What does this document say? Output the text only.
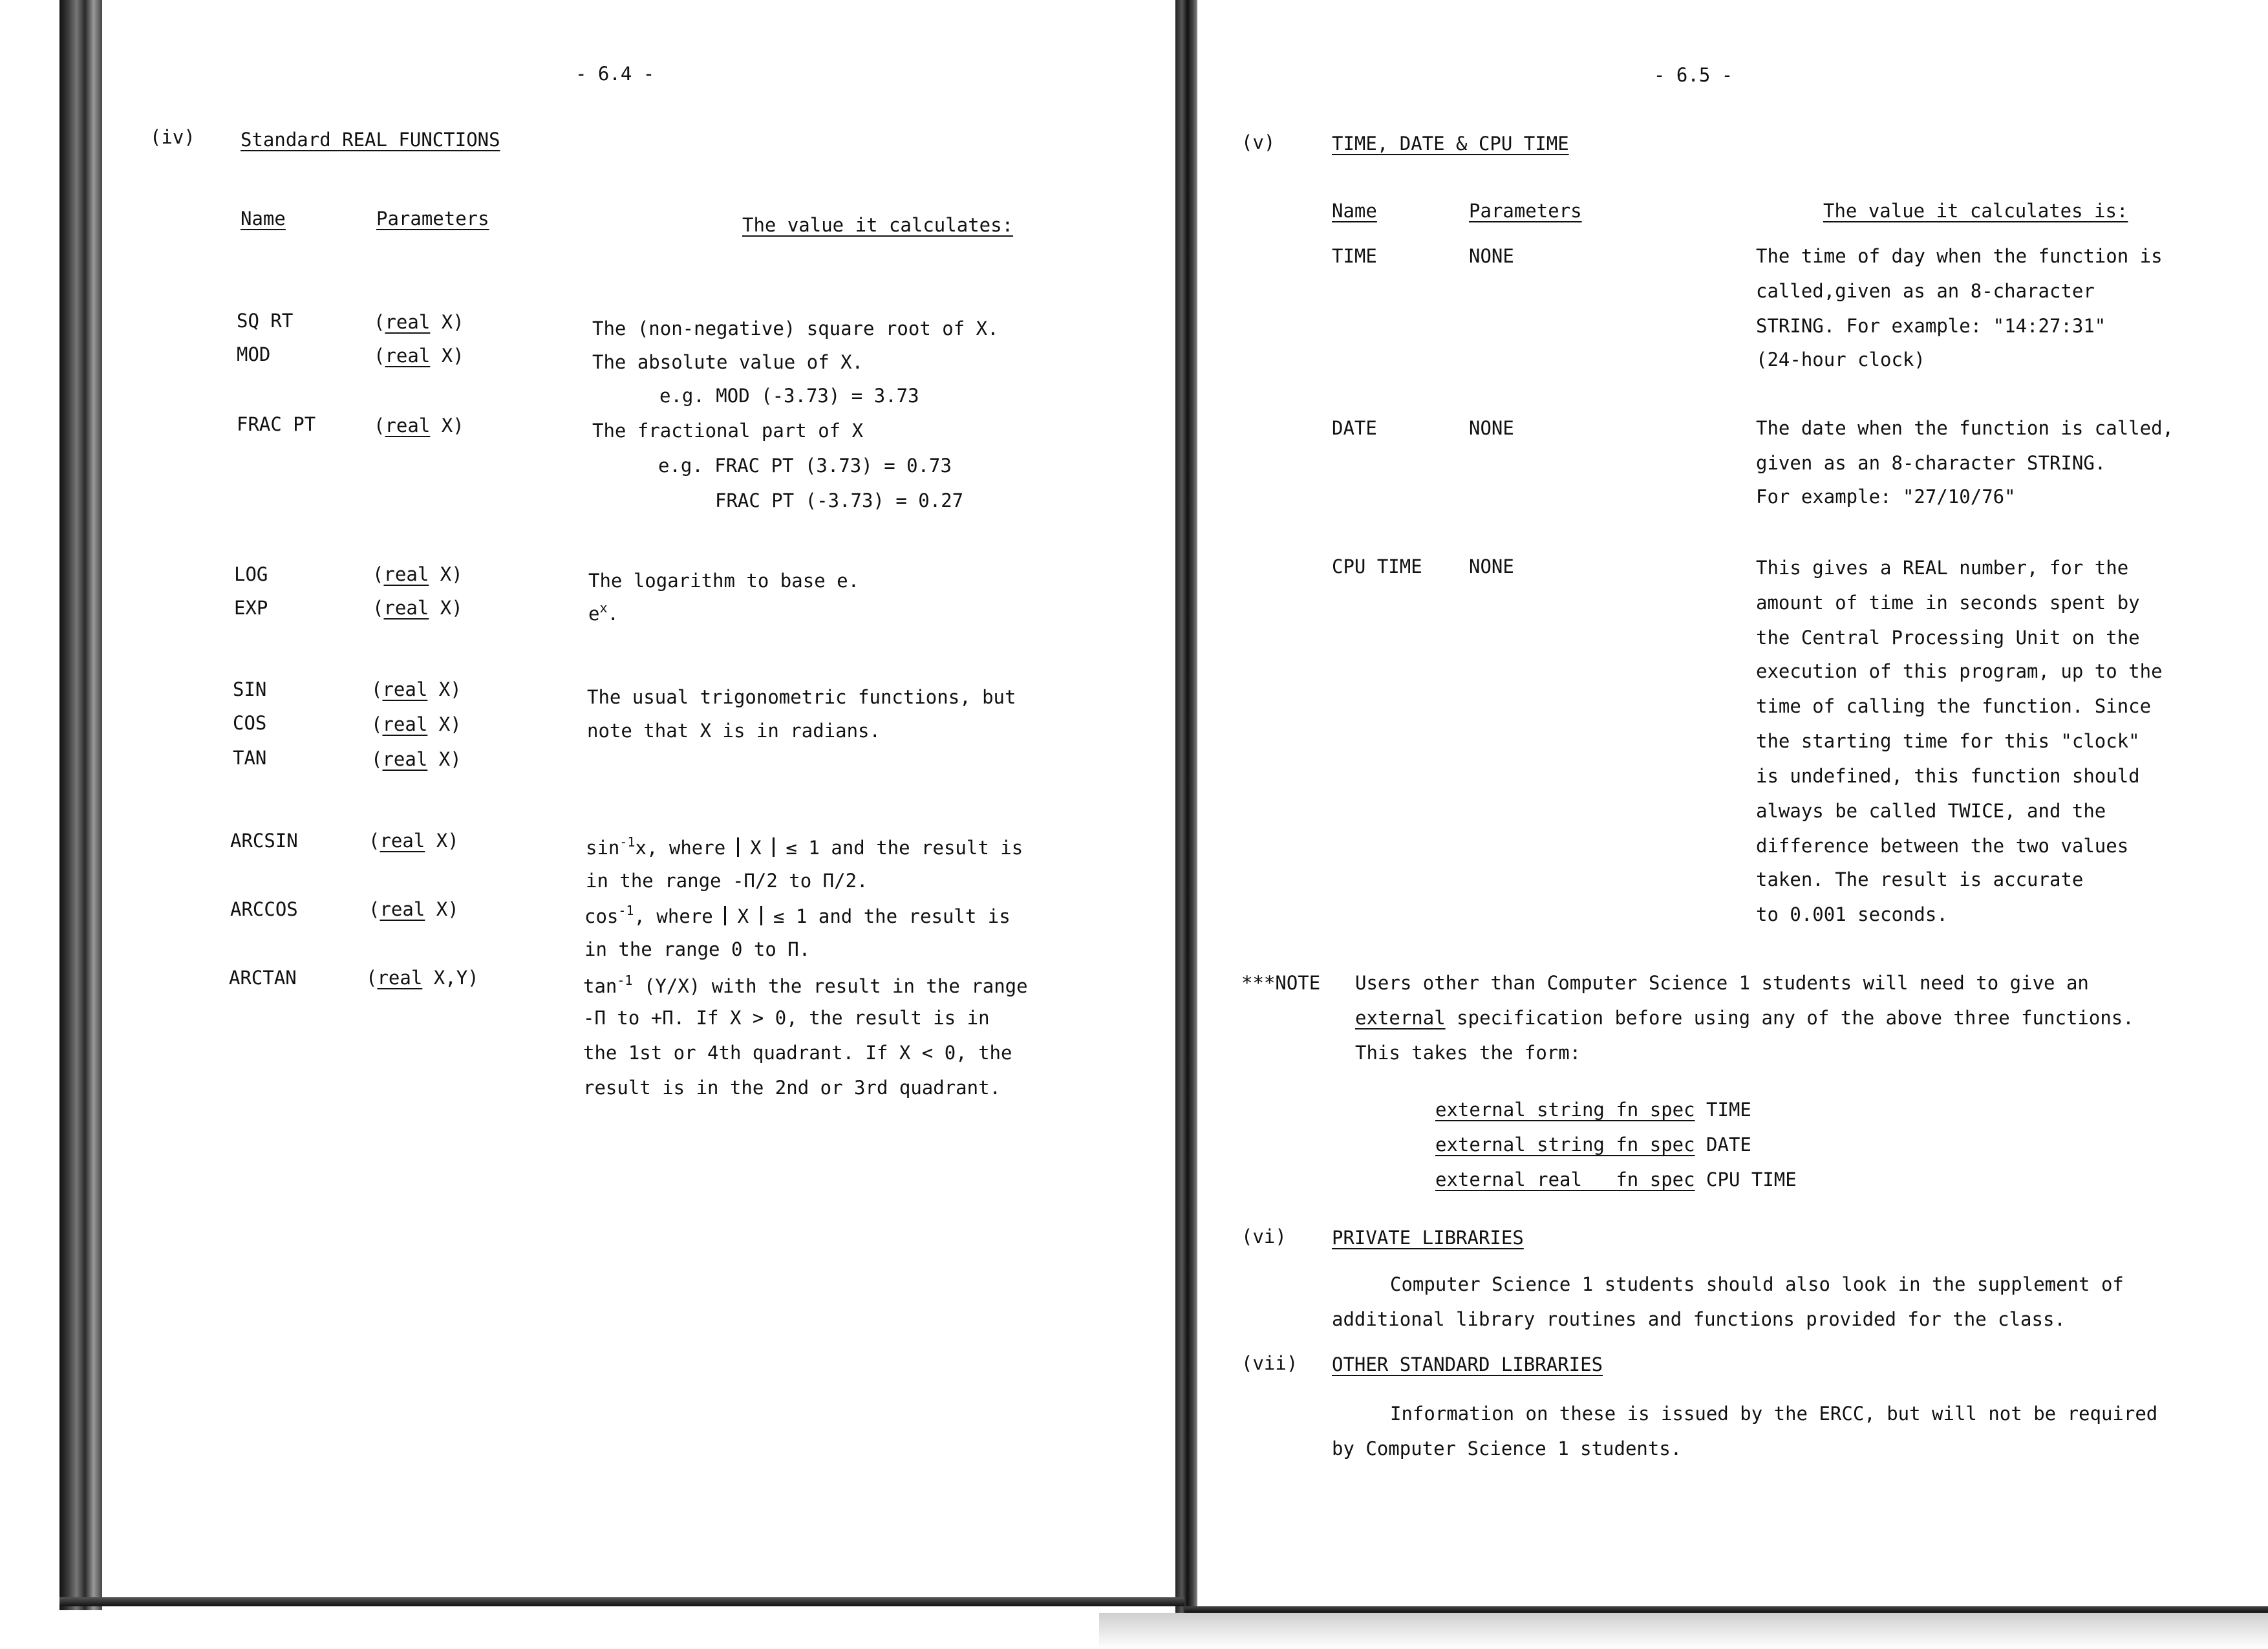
- 6.4 -
(iv) Standard REAL FUNCTIONS
Name	Parameters	The value it calculates:
SQ RT	(real X)	The (non-negative) square root of X.
MOD	(real X)	The absolute value of X.
e.g. MOD (-3.73) = 3.73
FRAC PT	(real X)	The fractional part of X
e.g. FRAC PT (3.73) = 0.73
FRAC PT (-3.73) = 0.27
LOG	(real X)	The logarithm to base e.
EXP	(real X)	$e^x$.
SIN	(real X)	The usual trigonometric functions, but
note that X is in radians.
COS	(real X)
TAN	(real X)
ARCSIN	(real X)	$\sin^{-1}x$, where X ≤ 1 and the result is
in the range -Π/2 to Π/2.
ARCCOS	(real X)	$\cos^{-1}$, where X ≤ 1 and the result is
in the range 0 to Π.
ARCTAN	(real X,Y)	$\tan^{-1} (Y/X)$ with the result in the range
-Π to +Π. If X > 0, the result is in
the 1st or 4th quadrant. If X < 0, the
result is in the 2nd or 3rd quadrant.
- 6.5 -
(v)	TIME, DATE & CPU TIME
Name	Parameters	The value it calculates is:
TIME	NONE	The time of day when the function is
called,given as an 8-character
STRING. For example: "14:27:31"
(24-hour clock)
DATE	NONE	The date when the function is called,
given as an 8-character STRING.
For example: "27/10/76"
CPU TIME NONE	This gives a REAL number, for the
amount of time in seconds spent by
the Central Processing Unit on the
execution of this program, up to the
time of calling the function. Since
the starting time for this "clock"
is undefined, this function should
always be called TWICE, and the
difference between the two values
taken. The result is accurate
to 0.001 seconds.
***NOTE Users other than Computer Science 1 students will need to give an
external specification before using any of the above three functions.
This takes the form:
external string fn spec TIME
external string fn spec DATE
external real   fn spec CPU TIME
(vi) PRIVATE LIBRARIES
Computer Science 1 students should also look in the supplement of
additional library routines and functions provided for the class.
(vii) OTHER STANDARD LIBRARIES
Information on these is issued by the ERCC, but will not be required
by Computer Science 1 students.
